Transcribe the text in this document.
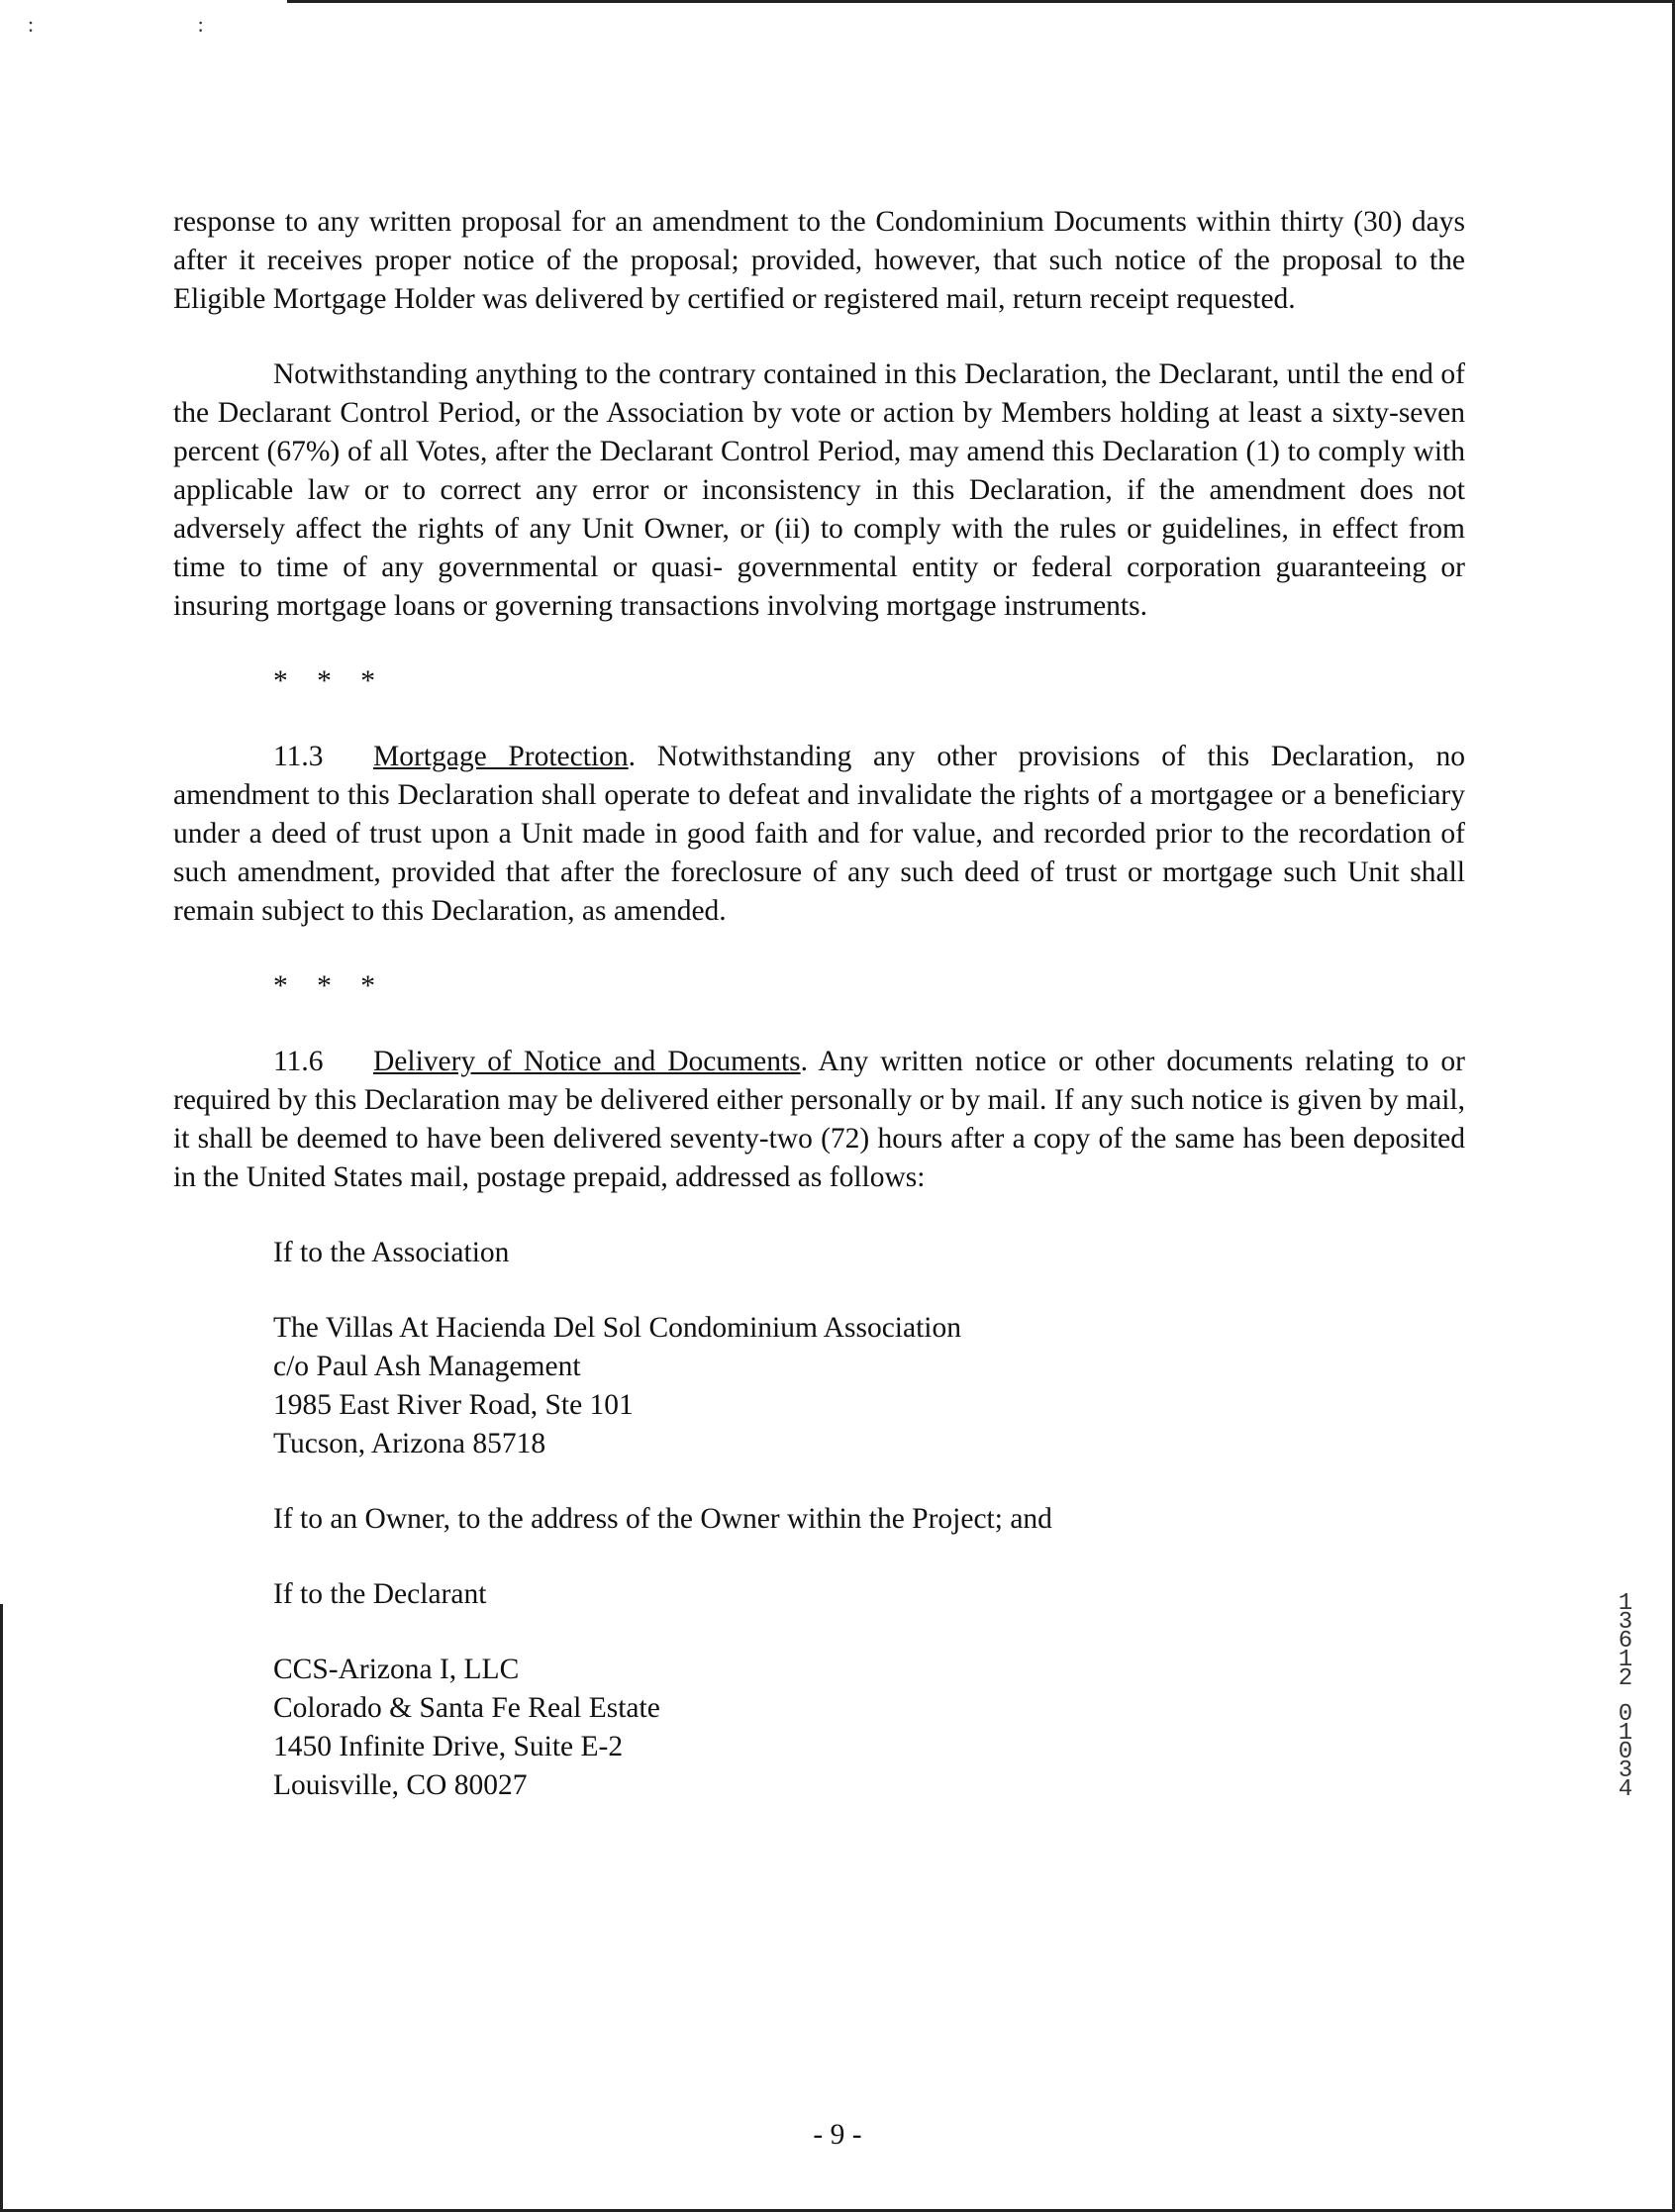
: :

response to any written proposal for an amendment to the Condominium Documents within thirty (30) days after it receives proper notice of the proposal; provided, however, that such notice of the proposal to the Eligible Mortgage Holder was delivered by certified or registered mail, return receipt requested.

Notwithstanding anything to the contrary contained in this Declaration, the Declarant, until the end of the Declarant Control Period, or the Association by vote or action by Members holding at least a sixty-seven percent (67%) of all Votes, after the Declarant Control Period, may amend this Declaration (1) to comply with applicable law or to correct any error or inconsistency in this Declaration, if the amendment does not adversely affect the rights of any Unit Owner, or (ii) to comply with the rules or guidelines, in effect from time to time of any governmental or quasi- governmental entity or federal corporation guaranteeing or insuring mortgage loans or governing transactions involving mortgage instruments.

* * *

11.3 Mortgage Protection. Notwithstanding any other provisions of this Declaration, no amendment to this Declaration shall operate to defeat and invalidate the rights of a mortgagee or a beneficiary under a deed of trust upon a Unit made in good faith and for value, and recorded prior to the recordation of such amendment, provided that after the foreclosure of any such deed of trust or mortgage such Unit shall remain subject to this Declaration, as amended.

* * *

11.6 Delivery of Notice and Documents. Any written notice or other documents relating to or required by this Declaration may be delivered either personally or by mail. If any such notice is given by mail, it shall be deemed to have been delivered seventy-two (72) hours after a copy of the same has been deposited in the United States mail, postage prepaid, addressed as follows:

If to the Association
The Villas At Hacienda Del Sol Condominium Association
c/o Paul Ash Management
1985 East River Road, Ste 101
Tucson, Arizona 85718
If to an Owner, to the address of the Owner within the Project; and
If to the Declarant
CCS-Arizona I, LLC
Colorado & Santa Fe Real Estate
1450 Infinite Drive, Suite E-2
Louisville, CO 80027
1
3
6
1
2
0
1
0
3
4
- 9 -
